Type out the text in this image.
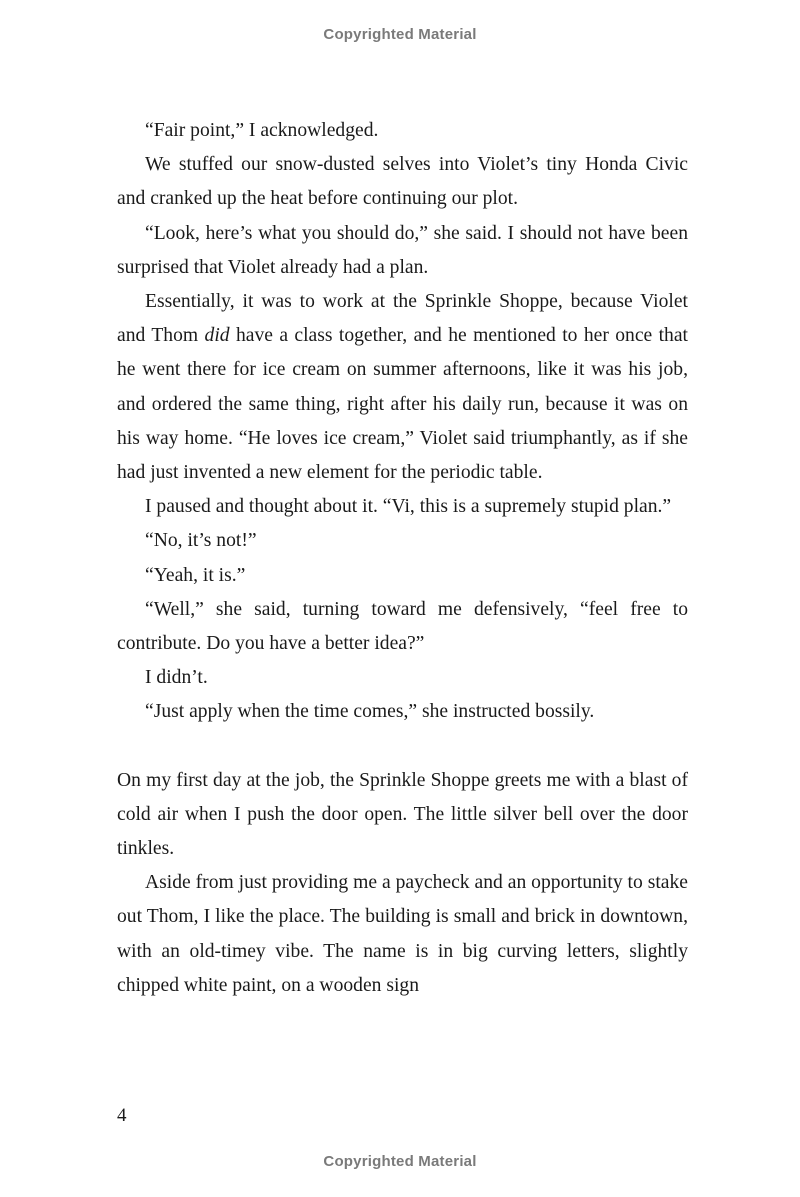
Copyrighted Material

“Fair point,” I acknowledged.

We stuffed our snow-dusted selves into Violet’s tiny Honda Civic and cranked up the heat before continuing our plot.

“Look, here’s what you should do,” she said. I should not have been surprised that Violet already had a plan.

Essentially, it was to work at the Sprinkle Shoppe, because Violet and Thom did have a class together, and he mentioned to her once that he went there for ice cream on summer afternoons, like it was his job, and ordered the same thing, right after his daily run, because it was on his way home. “He loves ice cream,” Violet said triumphantly, as if she had just invented a new element for the periodic table.

I paused and thought about it. “Vi, this is a supremely stupid plan.”

“No, it’s not!”

“Yeah, it is.”

“Well,” she said, turning toward me defensively, “feel free to contribute. Do you have a better idea?”

I didn’t.

“Just apply when the time comes,” she instructed bossily.

On my first day at the job, the Sprinkle Shoppe greets me with a blast of cold air when I push the door open. The little silver bell over the door tinkles.

Aside from just providing me a paycheck and an opportunity to stake out Thom, I like the place. The building is small and brick in downtown, with an old-timey vibe. The name is in big curving letters, slightly chipped white paint, on a wooden sign

4
Copyrighted Material
